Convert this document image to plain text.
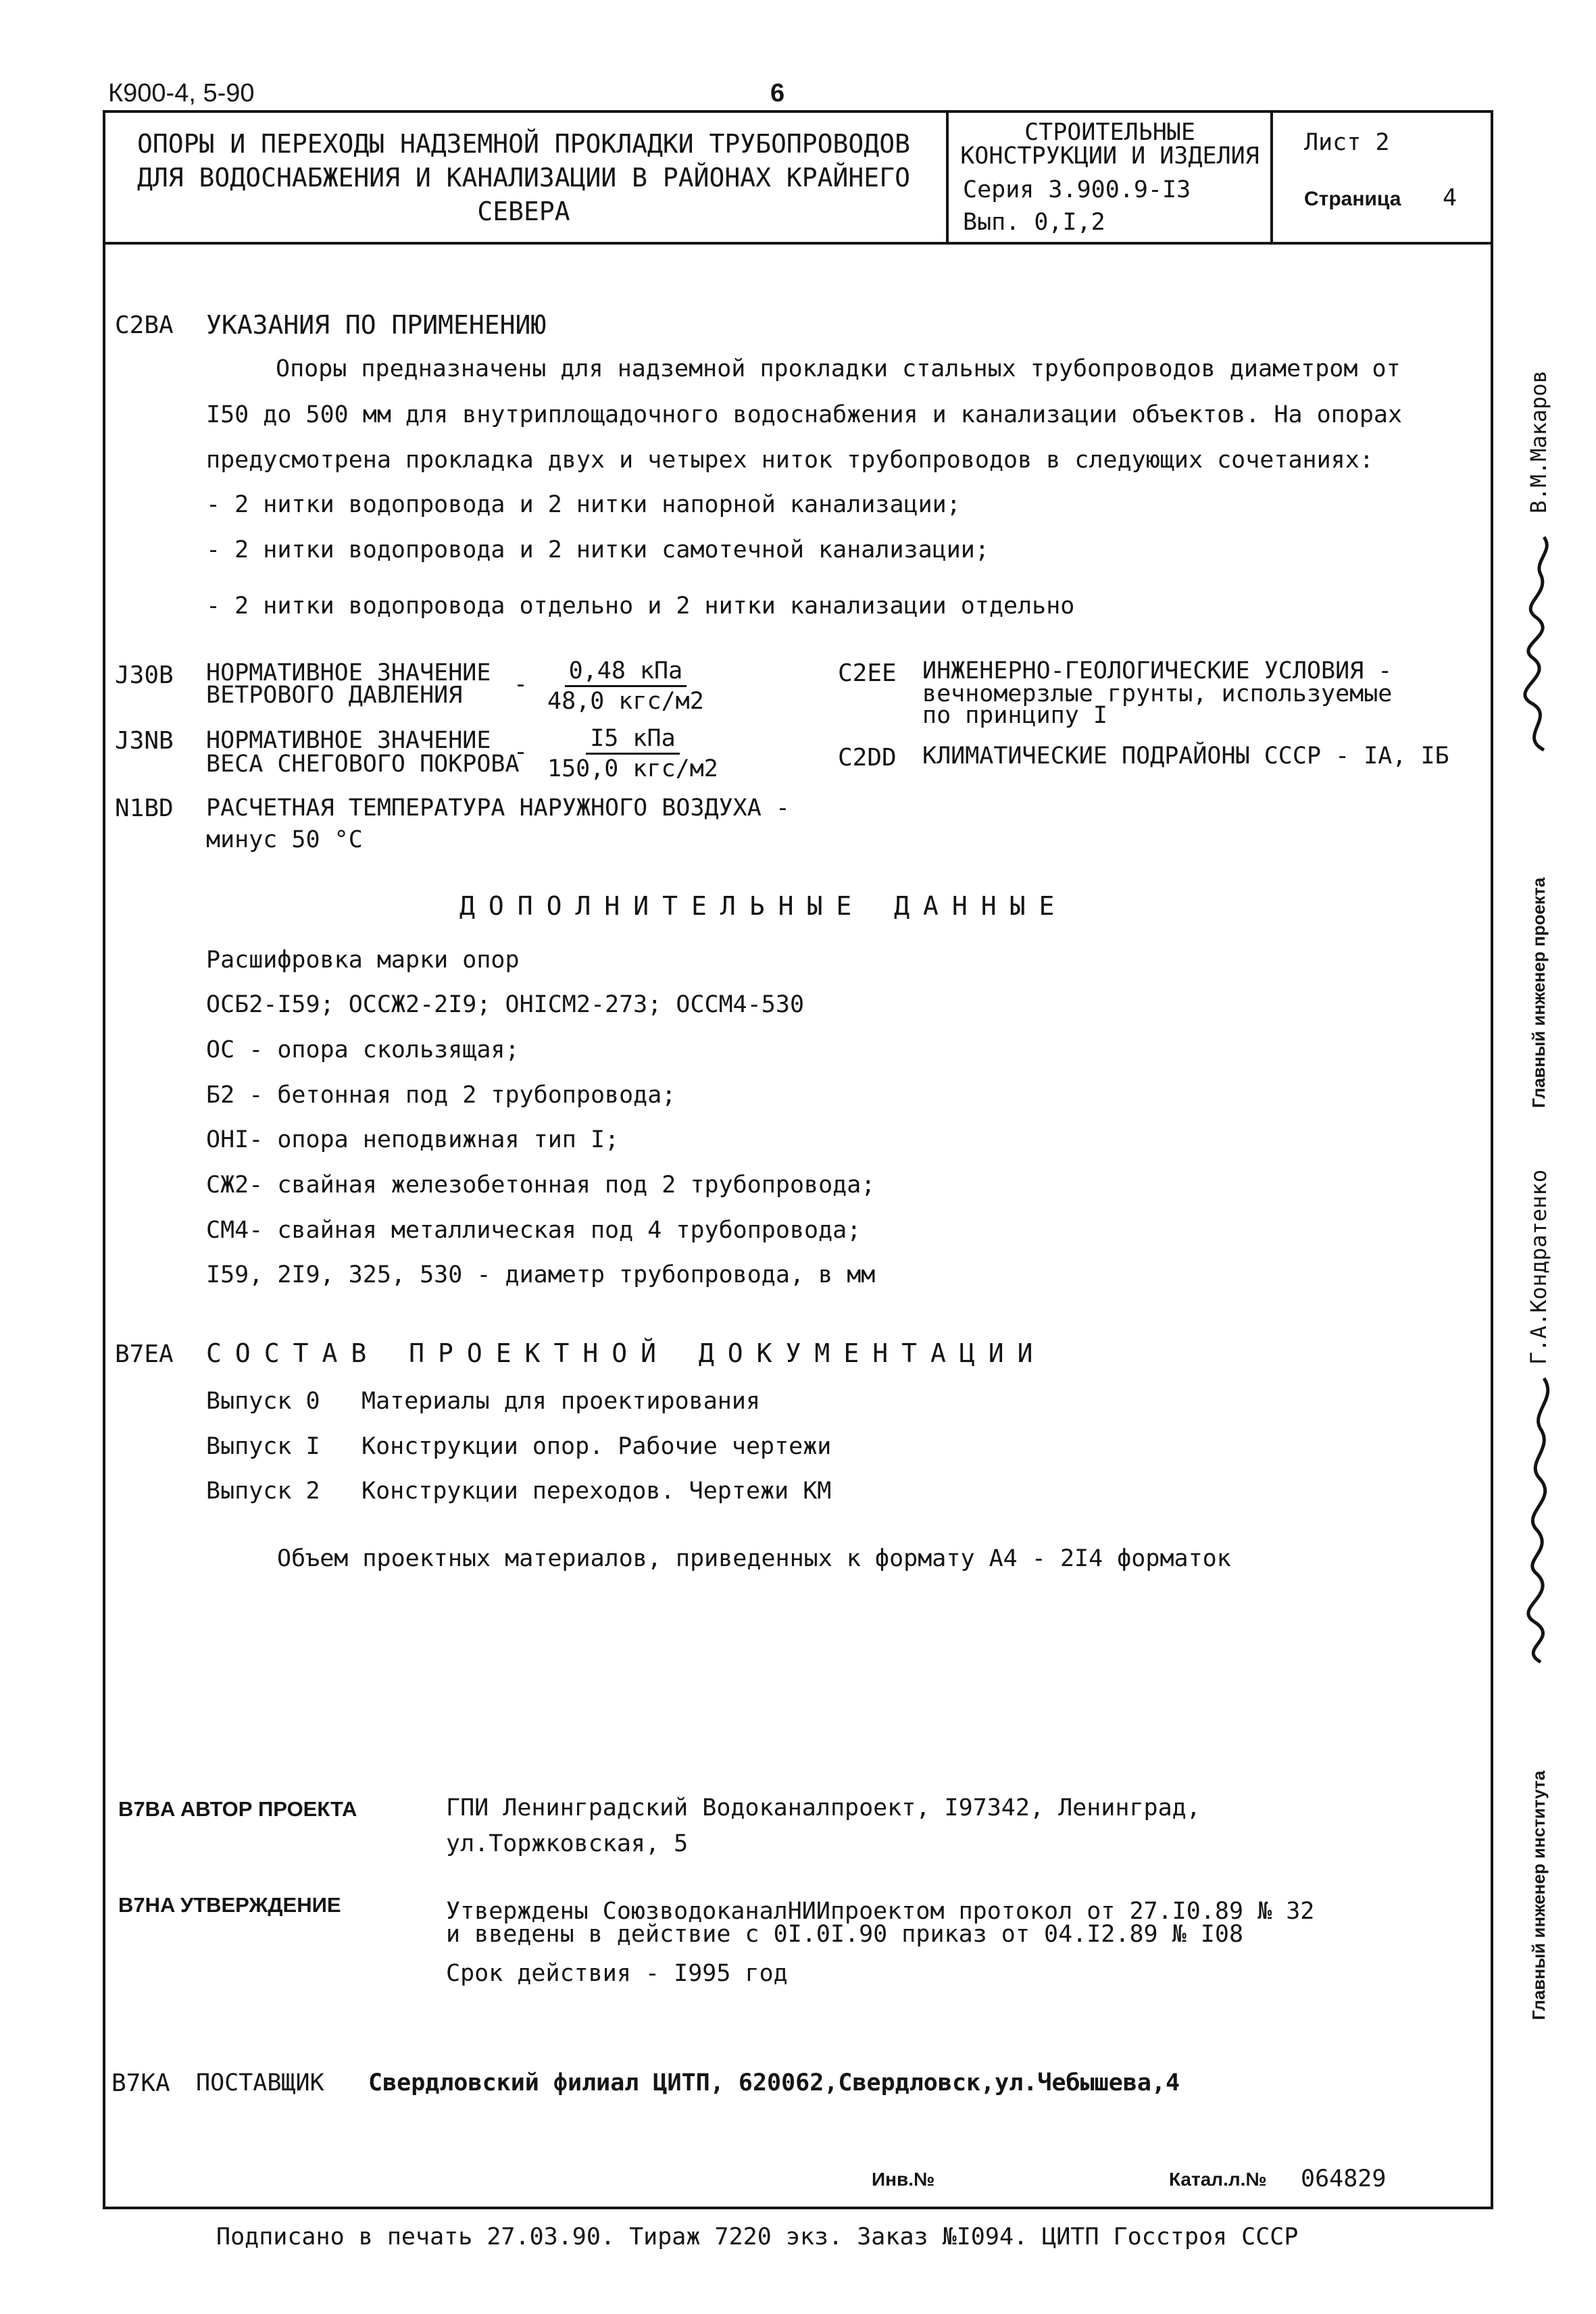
К900-4, 5-90	6
ОПОРЫ И ПЕРЕХОДЫ НАДЗЕМНОЙ ПРОКЛАДКИ ТРУБОПРОВОДОВ
ДЛЯ ВОДОСНАБЖЕНИЯ И КАНАЛИЗАЦИИ В РАЙОНАХ КРАЙНЕГО
СЕВЕРА
СТРОИТЕЛЬНЫЕ
КОНСТРУКЦИИ И ИЗДЕЛИЯ
Серия 3.900.9-I3
Вып. 0,I,2
Лист 2
Страница 4
C2BA УКАЗАНИЯ ПО ПРИМЕНЕНИЮ
Опоры предназначены для надземной прокладки стальных трубопроводов диаметром от
I50 до 500 мм для внутриплощадочного водоснабжения и канализации объектов. На опорах
предусмотрена прокладка двух и четырех ниток трубопроводов в следующих сочетаниях:
- 2 нитки водопровода и 2 нитки напорной канализации;
- 2 нитки водопровода и 2 нитки самотечной канализации;
- 2 нитки водопровода отдельно и 2 нитки канализации отдельно
J30B НОРМАТИВНОЕ ЗНАЧЕНИЕ
ВЕТРОВОГО ДАВЛЕНИЯ -	0,48 кПа
48,0 кгс/м2
J3NB НОРМАТИВНОЕ ЗНАЧЕНИЕ
ВЕСА СНЕГОВОГО ПОКРОВА
-	I5 кПа
150,0 кгс/м2
N1BD РАСЧЕТНАЯ ТЕМПЕРАТУРА НАРУЖНОГО ВОЗДУХА -
минус 50 °С
C2EE ИНЖЕНЕРНО-ГЕОЛОГИЧЕСКИЕ УСЛОВИЯ -
вечномерзлые грунты, используемые
по принципу I
C2DD КЛИМАТИЧЕСКИЕ ПОДРАЙОНЫ СССР - IA, IБ
ДОПОЛНИТЕЛЬНЫЕ ДАННЫЕ
Расшифровка марки опор
ОСБ2-I59; ОССЖ2-2I9; ОНIСМ2-273; ОССМ4-530
ОС - опора скользящая;
Б2 - бетонная под 2 трубопровода;
ОНI- опора неподвижная тип I;
СЖ2- свайная железобетонная под 2 трубопровода;
СМ4- свайная металлическая под 4 трубопровода;
I59, 2I9, 325, 530 - диаметр трубопровода, в мм
B7EA СОСТАВ ПРОЕКТНОЙ ДОКУМЕНТАЦИИ
Выпуск 0 Материалы для проектирования
Выпуск I Конструкции опор. Рабочие чертежи
Выпуск 2 Конструкции переходов. Чертежи КМ
Объем проектных материалов, приведенных к формату А4 - 2I4 форматок
B7BA АВТОР ПРОЕКТА	ГПИ Ленинградский Водоканалпроект, I97342, Ленинград,
ул.Торжковская, 5
B7HA УТВЕРЖДЕНИЕ	Утверждены СоюзводоканалНИИпроектом протокол от 27.I0.89 № 32
и введены в действие с 0I.0I.90 приказ от 04.I2.89 № I08
Срок действия - I995 год
B7KA ПОСТАВЩИК Свердловский филиал ЦИТП, 620062,Свердловск,ул.Чебышева,4
Инв.№	Катал.л.№ 064829
Подписано в печать 27.03.90. Тираж 7220 экз. Заказ №I094. ЦИТП Госстроя СССР
Главный инженер проекта
В.М.Макаров
Главный инженер института
Г.А.Кондратенко
